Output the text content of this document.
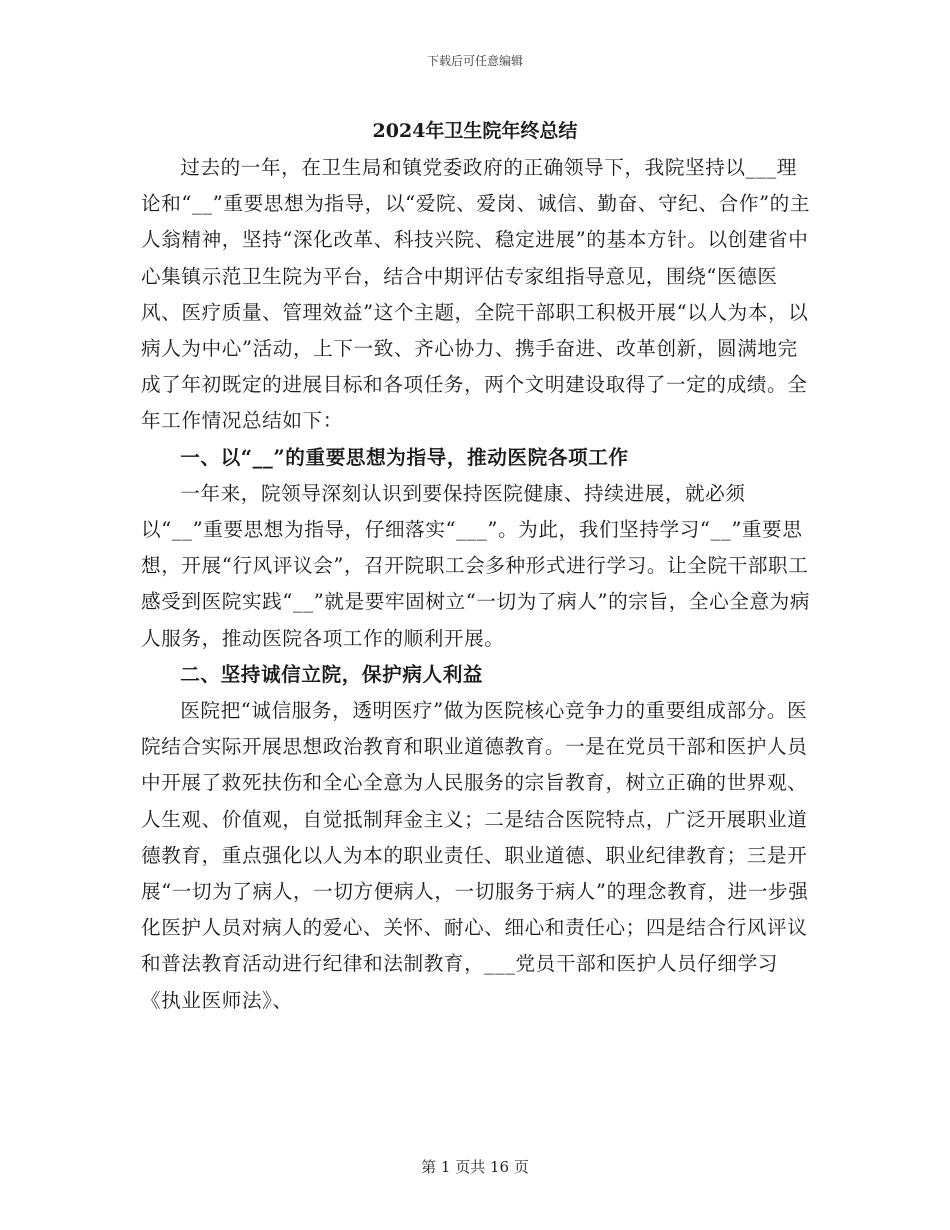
下载后可任意编辑
2024年卫生院年终总结

过去的一年，在卫生局和镇党委政府的正确领导下，我院坚持以___理论和“__”重要思想为指导，以“爱院、爱岗、诚信、勤奋、守纪、合作”的主人翁精神，坚持“深化改革、科技兴院、稳定进展”的基本方针。以创建省中心集镇示范卫生院为平台，结合中期评估专家组指导意见，围绕“医德医风、医疗质量、管理效益”这个主题，全院干部职工积极开展“以人为本，以病人为中心”活动，上下一致、齐心协力、携手奋进、改革创新，圆满地完成了年初既定的进展目标和各项任务，两个文明建设取得了一定的成绩。全年工作情况总结如下：

一、以“__”的重要思想为指导，推动医院各项工作

一年来，院领导深刻认识到要保持医院健康、持续进展，就必须以“__”重要思想为指导，仔细落实“___”。为此，我们坚持学习“__”重要思想，开展“行风评议会”，召开院职工会多种形式进行学习。让全院干部职工感受到医院实践“__”就是要牢固树立“一切为了病人”的宗旨，全心全意为病人服务，推动医院各项工作的顺利开展。

二、坚持诚信立院，保护病人利益

医院把“诚信服务，透明医疗”做为医院核心竞争力的重要组成部分。医院结合实际开展思想政治教育和职业道德教育。一是在党员干部和医护人员中开展了救死扶伤和全心全意为人民服务的宗旨教育，树立正确的世界观、人生观、价值观，自觉抵制拜金主义；二是结合医院特点，广泛开展职业道德教育，重点强化以人为本的职业责任、职业道德、职业纪律教育；三是开展“一切为了病人，一切方便病人，一切服务于病人”的理念教育，进一步强化医护人员对病人的爱心、关怀、耐心、细心和责任心；四是结合行风评议和普法教育活动进行纪律和法制教育，___党员干部和医护人员仔细学习《执业医师法》、

第 1 页共 16 页
